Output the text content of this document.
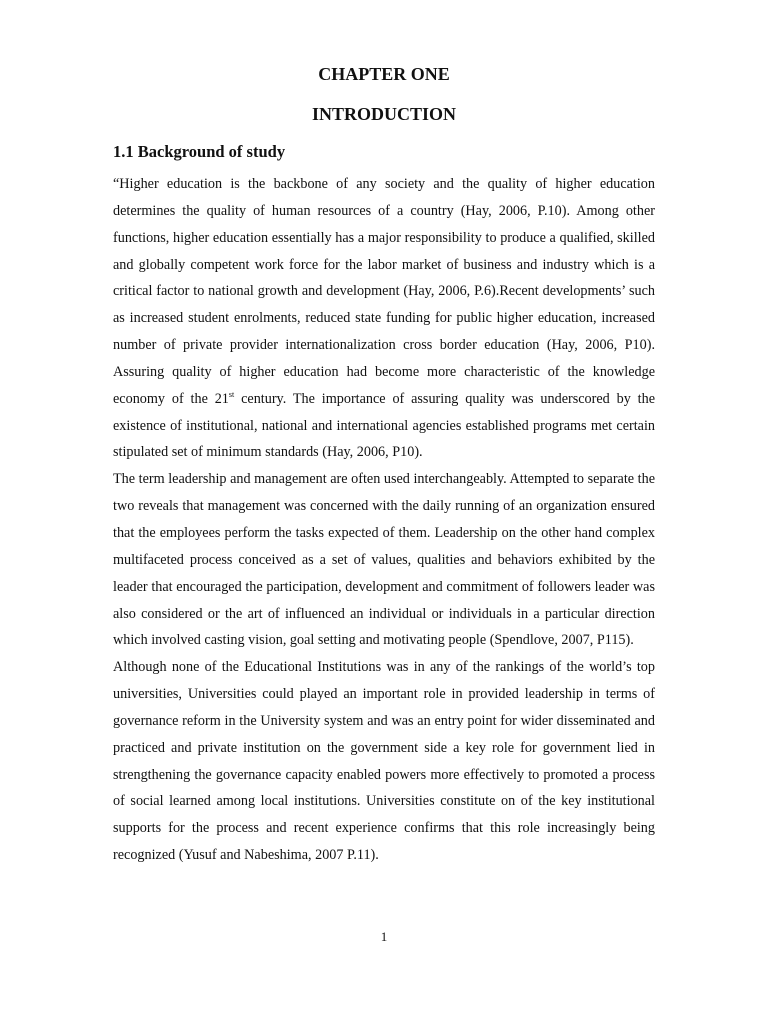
CHAPTER ONE
INTRODUCTION
1.1 Background of study

“Higher education is the backbone of any society and the quality of higher education determines the quality of human resources of a country (Hay, 2006, P.10). Among other functions, higher education essentially has a major responsibility to produce a qualified, skilled and globally competent work force for the labor market of business and industry which is a critical factor to national growth and development (Hay, 2006, P.6).Recent developments’ such as increased student enrolments, reduced state funding for public higher education, increased number of private provider internationalization cross border education (Hay, 2006, P10). Assuring quality of higher education had become more characteristic of the knowledge economy of the 21st century. The importance of assuring quality was underscored by the existence of institutional, national and international agencies established programs met certain stipulated set of minimum standards (Hay, 2006, P10).

The term leadership and management are often used interchangeably. Attempted to separate the two reveals that management was concerned with the daily running of an organization ensured that the employees perform the tasks expected of them. Leadership on the other hand complex multifaceted process conceived as a set of values, qualities and behaviors exhibited by the leader that encouraged the participation, development and commitment of followers leader was also considered or the art of influenced an individual or individuals in a particular direction which involved casting vision, goal setting and motivating people (Spendlove, 2007, P115).

Although none of the Educational Institutions was in any of the rankings of the world’s top universities, Universities could played an important role in provided leadership in terms of governance reform in the University system and was an entry point for wider disseminated and practiced and private institution on the government side a key role for government lied in strengthening the governance capacity enabled powers more effectively to promoted a process of social learned among local institutions. Universities constitute on of the key institutional supports for the process and recent experience confirms that this role increasingly being recognized (Yusuf and Nabeshima, 2007 P.11).

1
